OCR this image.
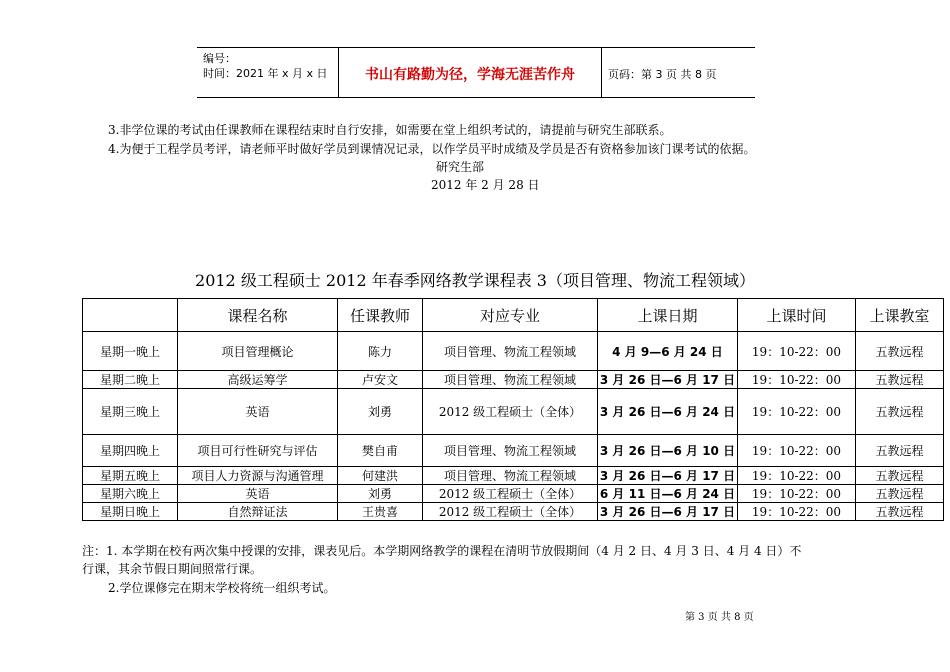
编号：
时间：2021 年 x 月 x 日	书山有路勤为径，学海无涯苦作舟	页码：第 3 页 共 8 页
3.非学位课的考试由任课教师在课程结束时自行安排，如需要在堂上组织考试的，请提前与研究生部联系。
4.为便于工程学员考评，请老师平时做好学员到课情况记录，以作学员平时成绩及学员是否有资格参加该门课考试的依据。
研究生部
2012 年 2 月 28 日
2012 级工程硕士 2012 年春季网络教学课程表 3（项目管理、物流工程领域）
	课程名称	任课教师	对应专业	上课日期	上课时间	上课教室
星期一晚上	项目管理概论	陈力	项目管理、物流工程领域	4 月 9—6 月 24 日	19：10-22：00	五教远程
星期二晚上	高级运筹学	卢安文	项目管理、物流工程领域	3 月 26 日—6 月 17 日	19：10-22：00	五教远程
星期三晚上	英语	刘勇	2012 级工程硕士（全体）	3 月 26 日—6 月 24 日	19：10-22：00	五教远程
星期四晚上	项目可行性研究与评估	樊自甫	项目管理、物流工程领域	3 月 26 日—6 月 10 日	19：10-22：00	五教远程
星期五晚上	项目人力资源与沟通管理	何建洪	项目管理、物流工程领域	3 月 26 日—6 月 17 日	19：10-22：00	五教远程
星期六晚上	英语	刘勇	2012 级工程硕士（全体）	6 月 11 日—6 月 24 日	19：10-22：00	五教远程
星期日晚上	自然辩证法	王贵喜	2012 级工程硕士（全体）	3 月 26 日—6 月 17 日	19：10-22：00	五教远程
注：1. 本学期在校有两次集中授课的安排，课表见后。本学期网络教学的课程在清明节放假期间（4 月 2 日、4 月 3 日、4 月 4 日）不
行课，其余节假日期间照常行课。
2.学位课修完在期末学校将统一组织考试。
第 3 页 共 8 页
